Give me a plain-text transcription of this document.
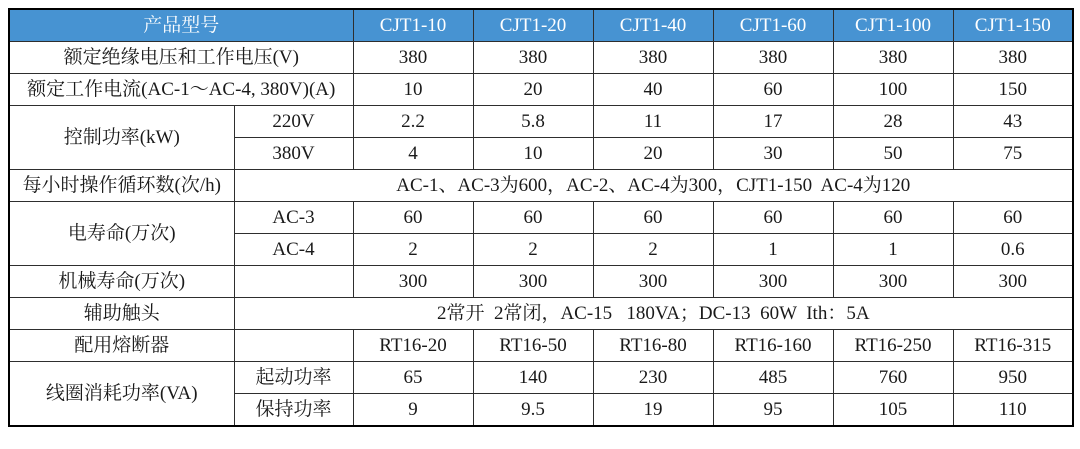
产品型号		CJT1-10	CJT1-20	CJT1-40	CJT1-60	CJT1-100	CJT1-150
额定绝缘电压和工作电压(V)		380	380	380	380	380	380
额定工作电流(AC-1～AC-4, 380V)(A)		10	20	40	60	100	150
控制功率(kW)	220V	2.2	5.8	11	17	28	43
	380V	4	10	20	30	50	75
每小时操作循环数(次/h)	AC-1、AC-3为600，AC-2、AC-4为300，CJT1-150  AC-4为120						
电寿命(万次)	AC-3	60	60	60	60	60	60
	AC-4	2	2	2	1	1	0.6
机械寿命(万次)		300	300	300	300	300	300
辅助触头	2常开  2常闭，AC-15   180VA；DC-13  60W  Ith：5A						
配用熔断器		RT16-20	RT16-50	RT16-80	RT16-160	RT16-250	RT16-315
线圈消耗功率(VA)	起动功率	65	140	230	485	760	950
	保持功率	9	9.5	19	95	105	110
